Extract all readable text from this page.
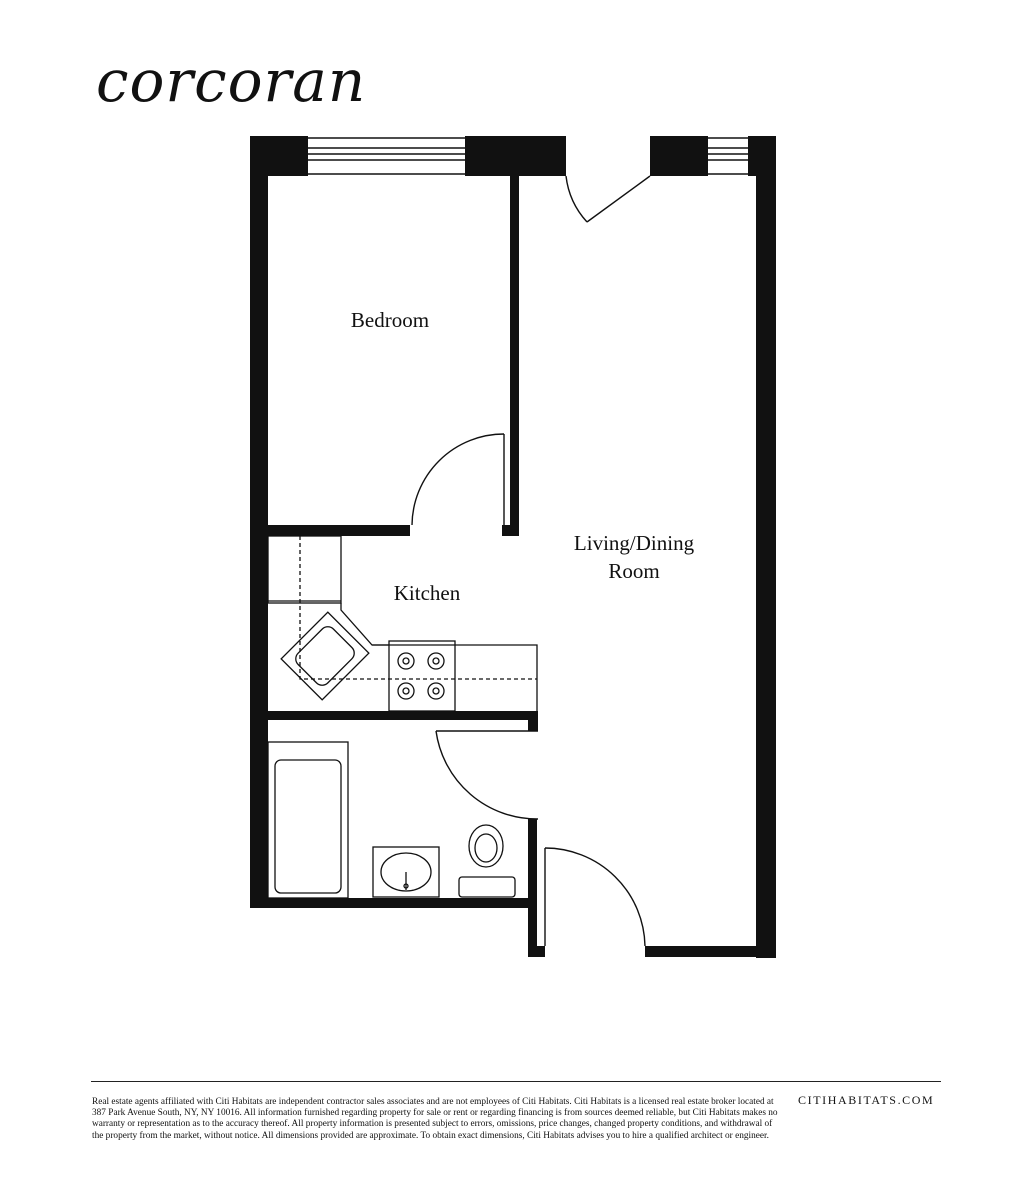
corcoran
Bedroom
Living/Dining
Room
Kitchen
Real estate agents affiliated with Citi Habitats are independent contractor sales associates and are not employees of Citi Habitats. Citi Habitats is a licensed real estate broker located at 387 Park Avenue South, NY, NY 10016. All information furnished regarding property for sale or rent or regarding financing is from sources deemed reliable, but Citi Habitats makes no warranty or representation as to the accuracy thereof. All property information is presented subject to errors, omissions, price changes, changed property conditions, and withdrawal of the property from the market, without notice. All dimensions provided are approximate. To obtain exact dimensions, Citi Habitats advises you to hire a qualified architect or engineer.
CITIHABITATS.COM
